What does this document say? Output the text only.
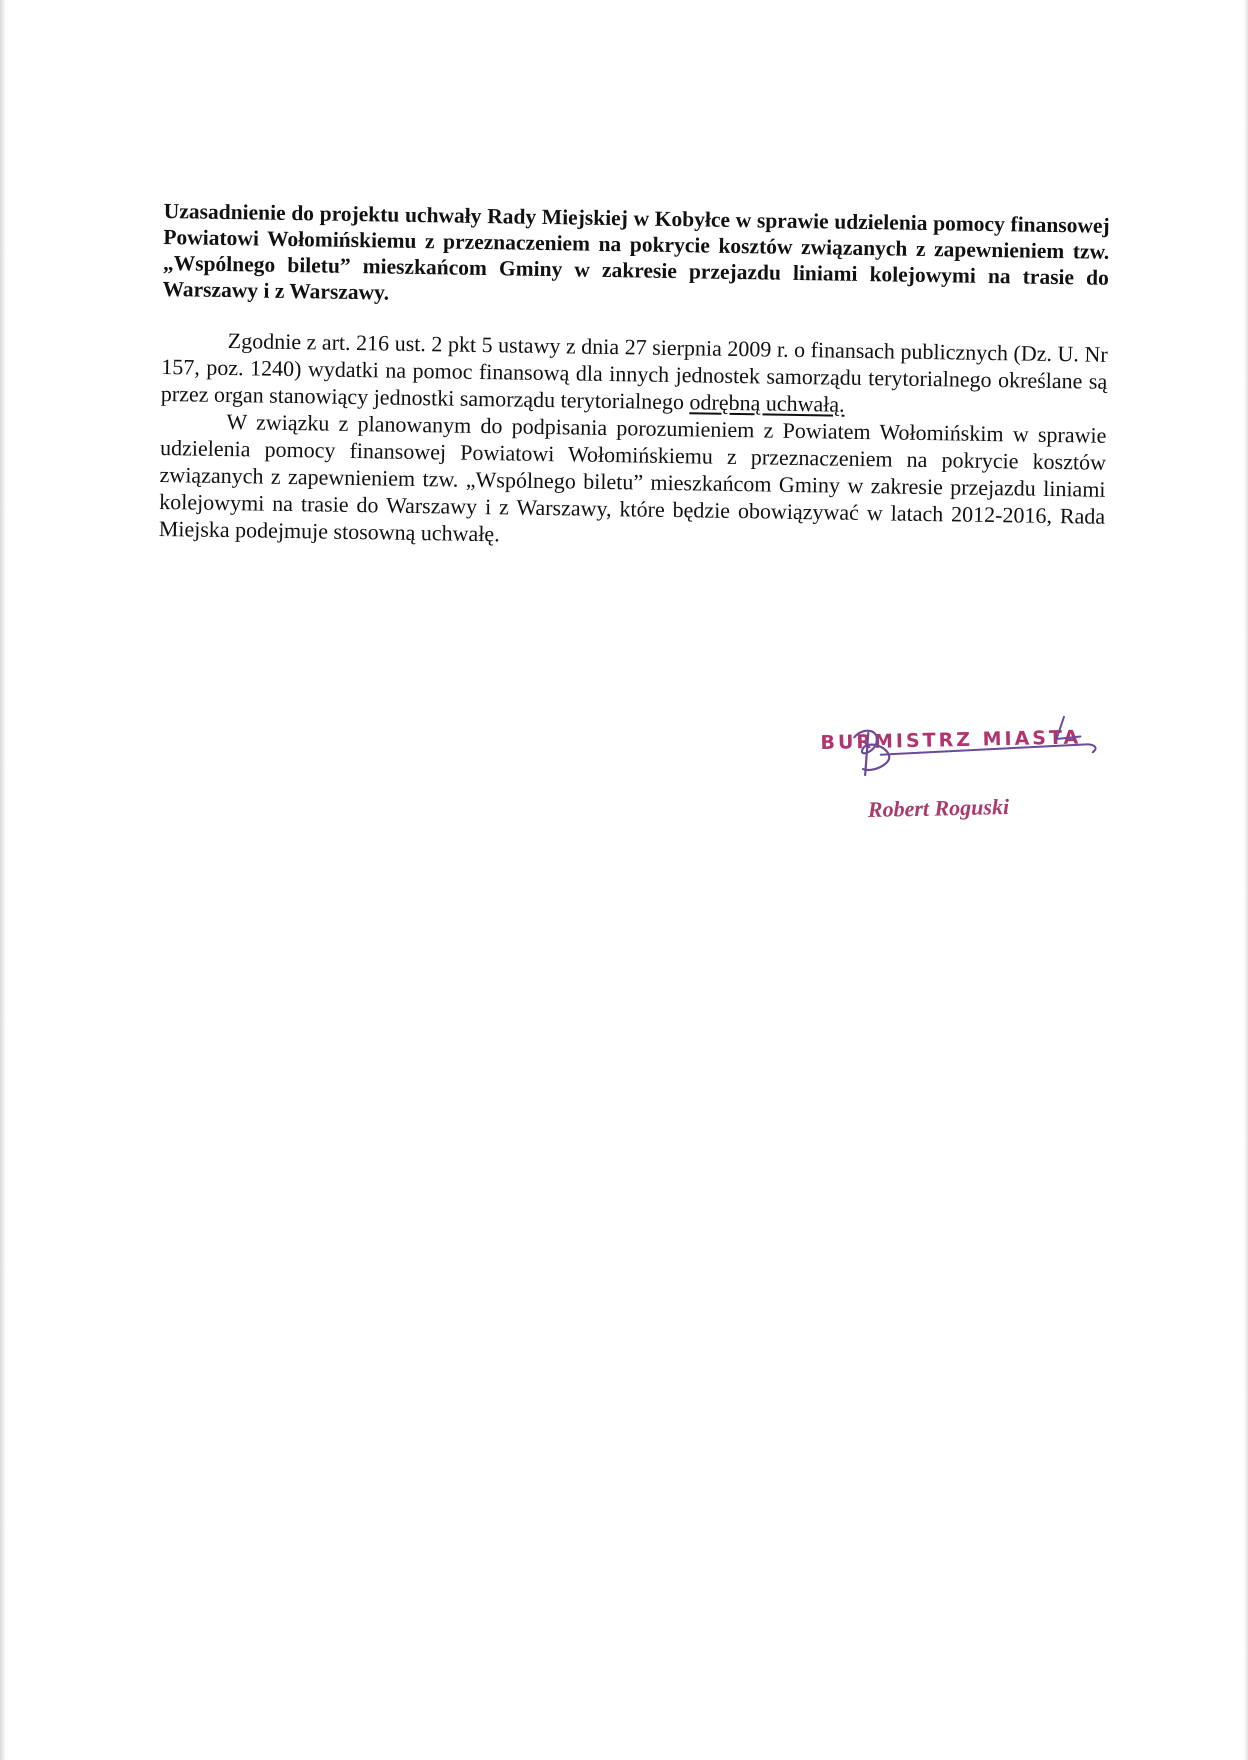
Uzasadnienie do projektu uchwały Rady Miejskiej w Kobyłce w sprawie udzielenia pomocy finansowej Powiatowi Wołomińskiemu z przeznaczeniem na pokrycie kosztów związanych z zapewnieniem tzw. „Wspólnego biletu” mieszkańcom Gminy w zakresie przejazdu liniami kolejowymi na trasie do Warszawy i z Warszawy.

Zgodnie z art. 216 ust. 2 pkt 5 ustawy z dnia 27 sierpnia 2009 r. o finansach publicznych (Dz. U. Nr 157, poz. 1240) wydatki na pomoc finansową dla innych jednostek samorządu terytorialnego określane są przez organ stanowiący jednostki samorządu terytorialnego odrębną uchwałą.

W związku z planowanym do podpisania porozumieniem z Powiatem Wołomińskim w sprawie udzielenia pomocy finansowej Powiatowi Wołomińskiemu z przeznaczeniem na pokrycie kosztów związanych z zapewnieniem tzw. „Wspólnego biletu” mieszkańcom Gminy w zakresie przejazdu liniami kolejowymi na trasie do Warszawy i z Warszawy, które będzie obowiązywać w latach 2012-2016, Rada Miejska podejmuje stosowną uchwałę.

BURMISTRZ MIASTA
Robert Roguski
